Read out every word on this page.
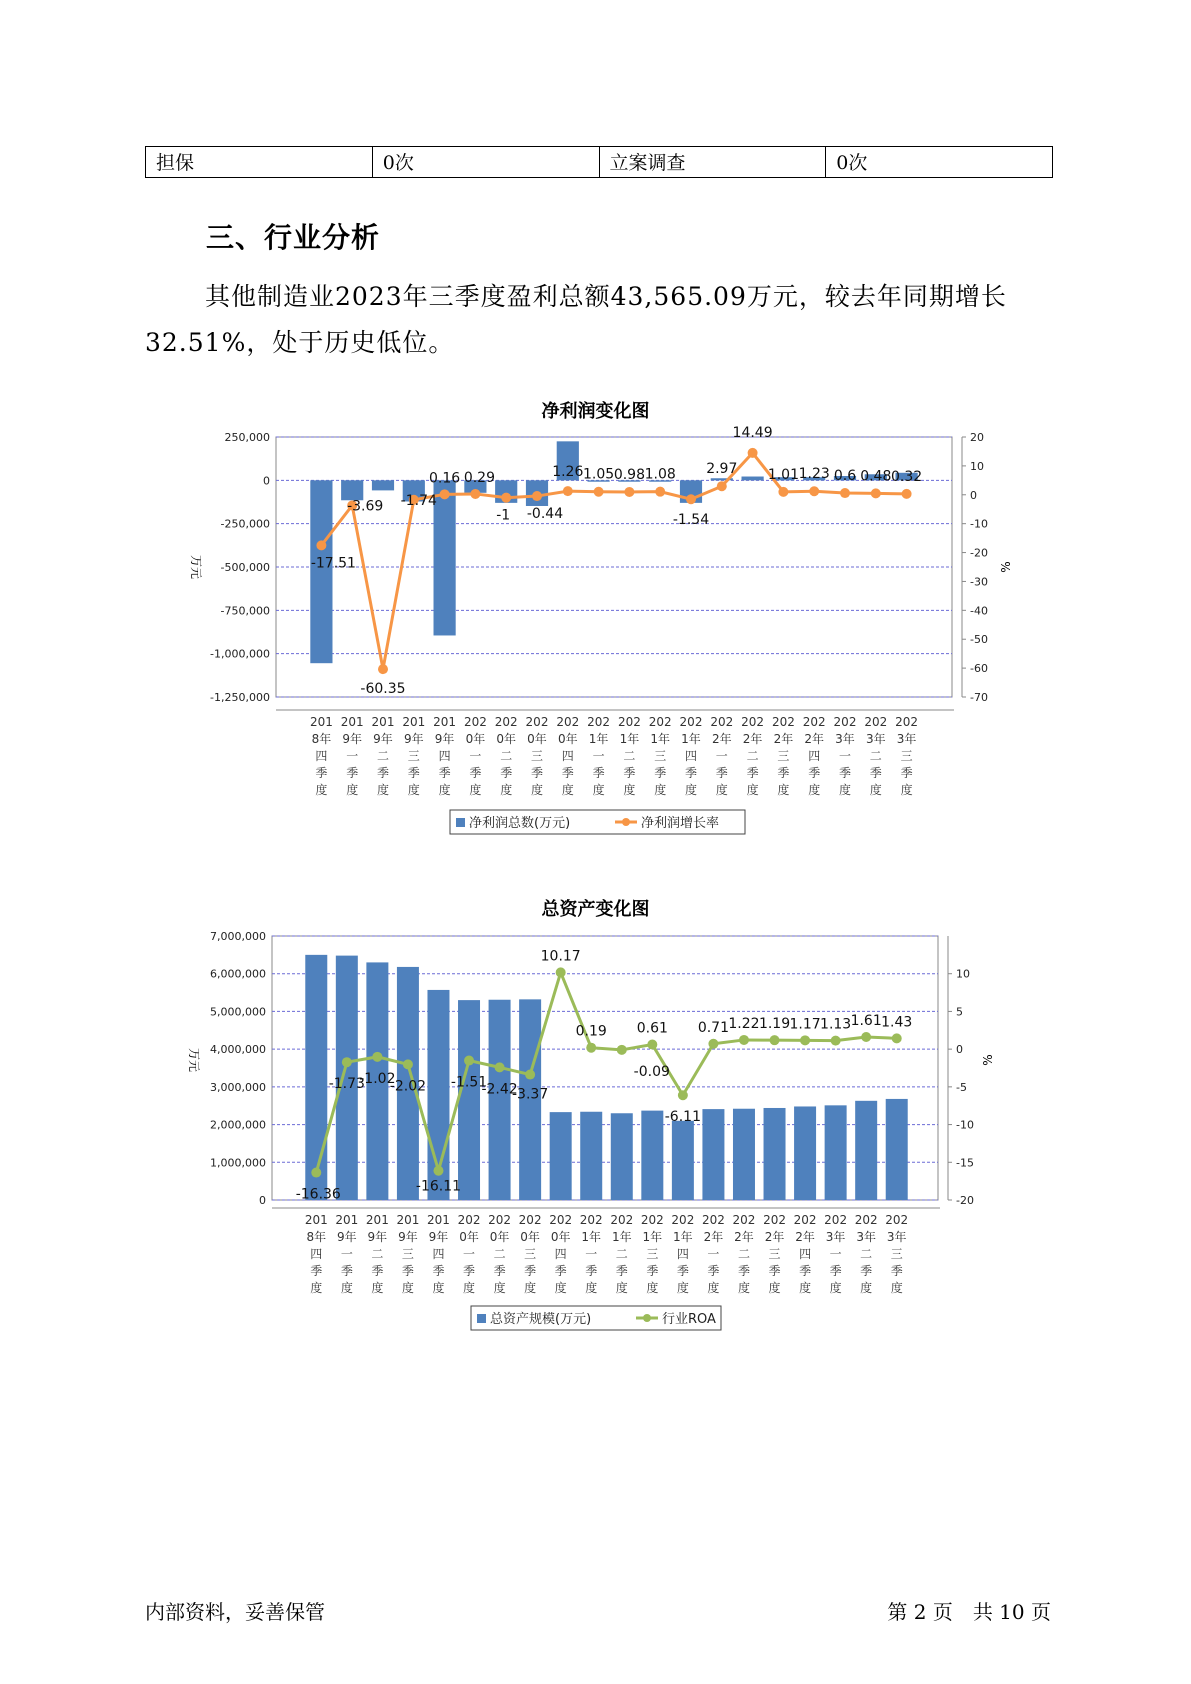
担保	0次	立案调查	0次
三、行业分析

其他制造业2023年三季度盈利总额43,565.09万元，较去年同期增长32.51%，处于历史低位。

净利润变化图
250,000
0
-250,000
-500,000
-750,000
-1,000,000
-1,250,000
20
10
0
-10
-20
-30
-40
-50
-60
-70
万元	%
-17.51
-3.69
-60.35
-1.74
0.16 0.29
-1 -0.44
1.26 1.05 0.98 1.08
-1.54
2.97
14.49
1.01 1.23 0.6 0.48 0.32
201 8年四季度
201 9年一季度
201 9年二季度
201 9年三季度
201 9年四季度
202 0年一季度
202 0年二季度
202 0年三季度
202 0年四季度
202 1年一季度
202 1年二季度
202 1年三季度
202 1年四季度
202 2年一季度
202 2年二季度
202 2年三季度
202 2年四季度
202 3年一季度
202 3年二季度
202 3年三季度
净利润总数(万元)	净利润增长率
总资产变化图
7,000,000
6,000,000
5,000,000
4,000,000
3,000,000
2,000,000
1,000,000
0
10
5
0
-5
-10
-15
-20
万元	%
-16.36
-1.73
-1.02
-2.02
-16.11
-1.51
-2.42
-3.37
10.17
0.19
-0.09
0.61
-6.11
0.71 1.22 1.19 1.17 1.13 1.61 1.43
201 8年四季度
201 9年一季度
201 9年二季度
201 9年三季度
201 9年四季度
202 0年一季度
202 0年二季度
202 0年三季度
202 0年四季度
202 1年一季度
202 1年二季度
202 1年三季度
202 1年四季度
202 2年一季度
202 2年二季度
202 2年三季度
202 2年四季度
202 3年一季度
202 3年二季度
202 3年三季度
总资产规模(万元)	行业ROA
内部资料，妥善保管	第 2 页　共 10 页
